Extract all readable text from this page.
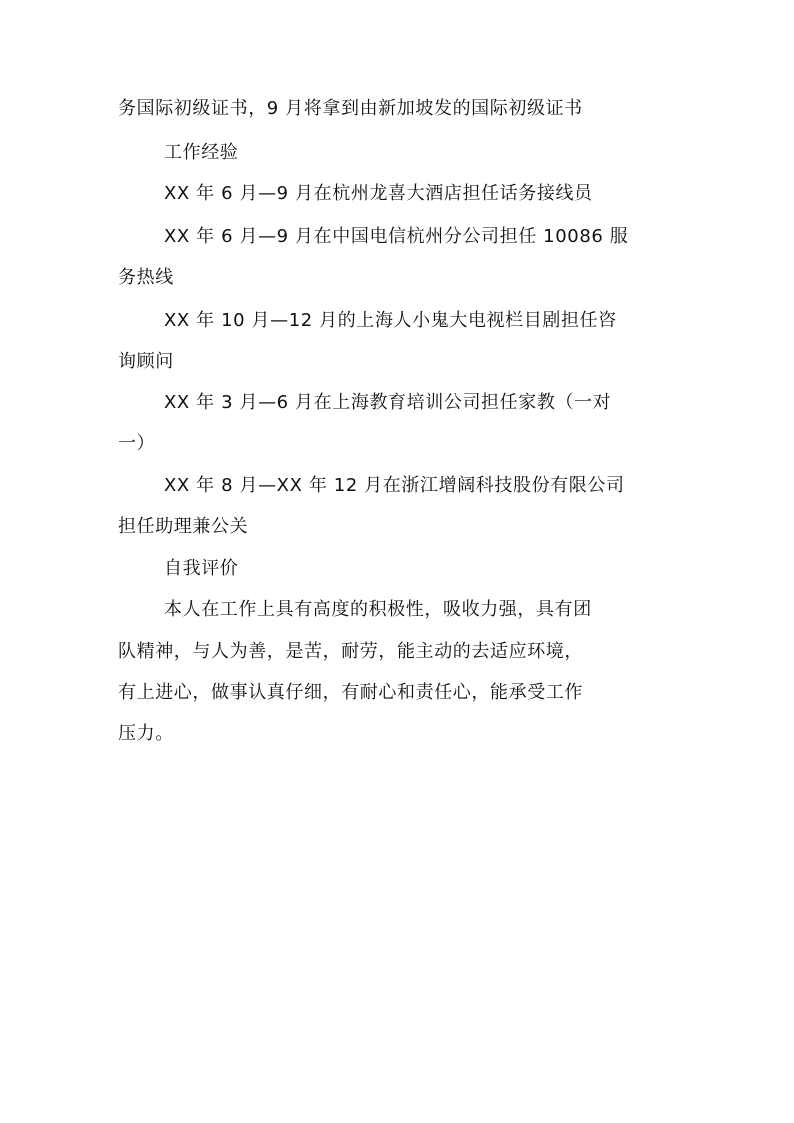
务国际初级证书，9 月将拿到由新加坡发的国际初级证书
工作经验
XX 年 6 月—9 月在杭州龙喜大酒店担任话务接线员
XX 年 6 月—9 月在中国电信杭州分公司担任 10086 服
务热线
XX 年 10 月—12 月的上海人小鬼大电视栏目剧担任咨
询顾问
XX 年 3 月—6 月在上海教育培训公司担任家教（一对
一）
XX 年 8 月—XX 年 12 月在浙江增阔科技股份有限公司
担任助理兼公关
自我评价
本人在工作上具有高度的积极性，吸收力强，具有团
队精神，与人为善，是苦，耐劳，能主动的去适应环境，
有上进心，做事认真仔细，有耐心和责任心，能承受工作
压力。
